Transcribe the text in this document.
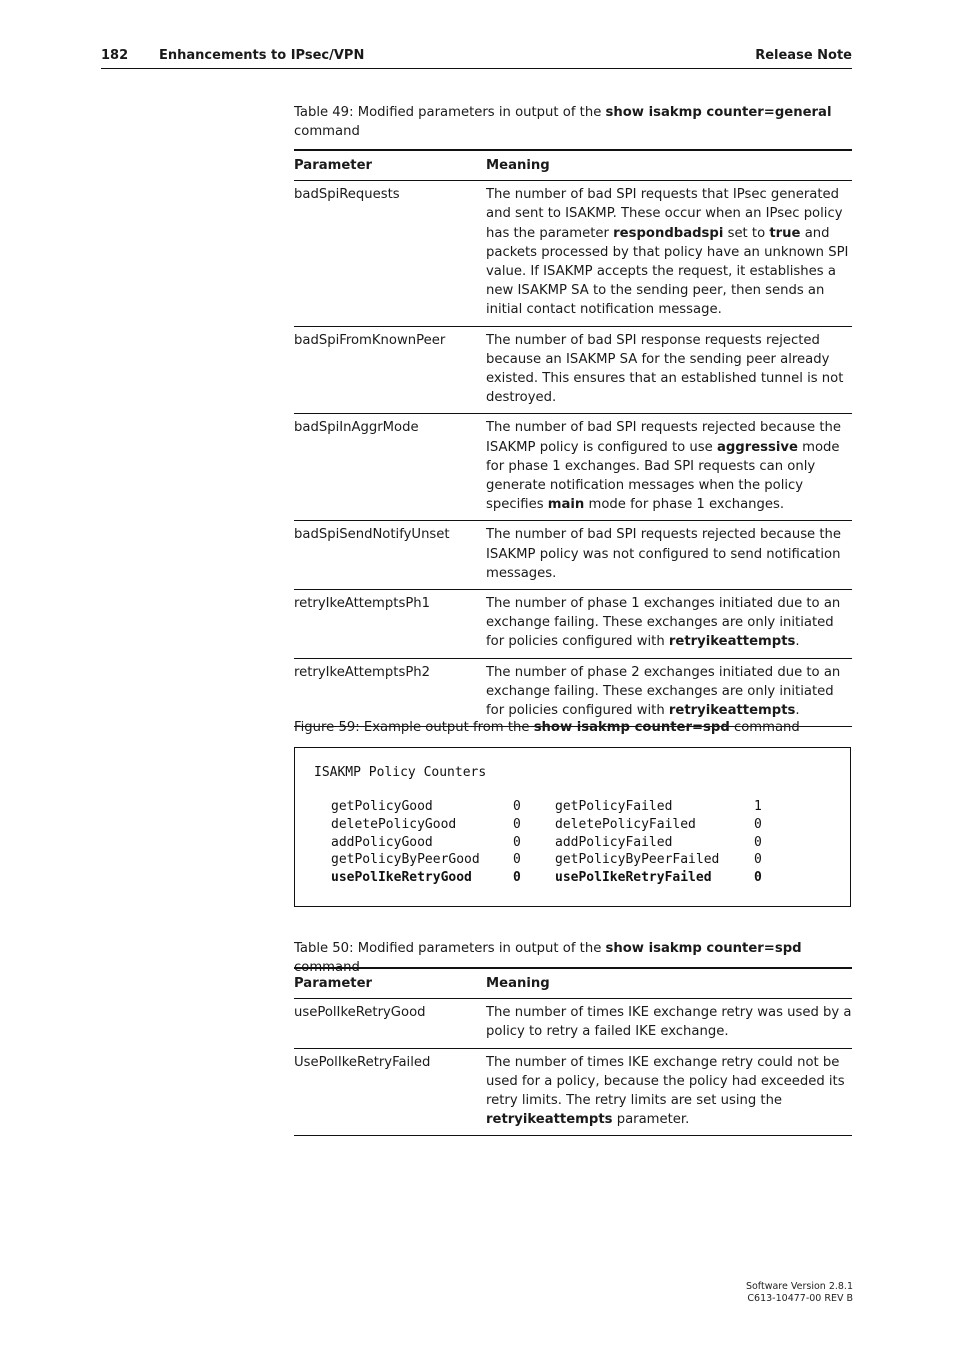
182 Enhancements to IPsec/VPN	Release Note
Table 49: Modified parameters in output of the show isakmp counter=general
command
Parameter	Meaning
badSpiRequests	The number of bad SPI requests that IPsec generated and sent to ISAKMP. These occur when an IPsec policy has the parameter respondbadspi set to true and packets processed by that policy have an unknown SPI value. If ISAKMP accepts the request, it establishes a new ISAKMP SA to the sending peer, then sends an initial contact notification message.
badSpiFromKnownPeer	The number of bad SPI response requests rejected because an ISAKMP SA for the sending peer already existed. This ensures that an established tunnel is not destroyed.
badSpiInAggrMode	The number of bad SPI requests rejected because the ISAKMP policy is configured to use aggressive mode for phase 1 exchanges. Bad SPI requests can only generate notification messages when the policy specifies main mode for phase 1 exchanges.
badSpiSendNotifyUnset	The number of bad SPI requests rejected because the ISAKMP policy was not configured to send notification messages.
retryIkeAttemptsPh1	The number of phase 1 exchanges initiated due to an exchange failing. These exchanges are only initiated for policies configured with retryikeattempts.
retryIkeAttemptsPh2	The number of phase 2 exchanges initiated due to an exchange failing. These exchanges are only initiated for policies configured with retryikeattempts.
Figure 59: Example output from the show isakmp counter=spd command
ISAKMP Policy Counters
getPolicyGood	0	getPolicyFailed	1
deletePolicyGood	0	deletePolicyFailed	0
addPolicyGood	0	addPolicyFailed	0
getPolicyByPeerGood	0	getPolicyByPeerFailed	0
usePolIkeRetryGood	0	usePolIkeRetryFailed	0
Table 50: Modified parameters in output of the show isakmp counter=spd command
Parameter	Meaning
usePolIkeRetryGood	The number of times IKE exchange retry was used by a policy to retry a failed IKE exchange.
UsePolIkeRetryFailed	The number of times IKE exchange retry could not be used for a policy, because the policy had exceeded its retry limits. The retry limits are set using the retryikeattempts parameter.
Software Version 2.8.1
C613-10477-00 REV B
